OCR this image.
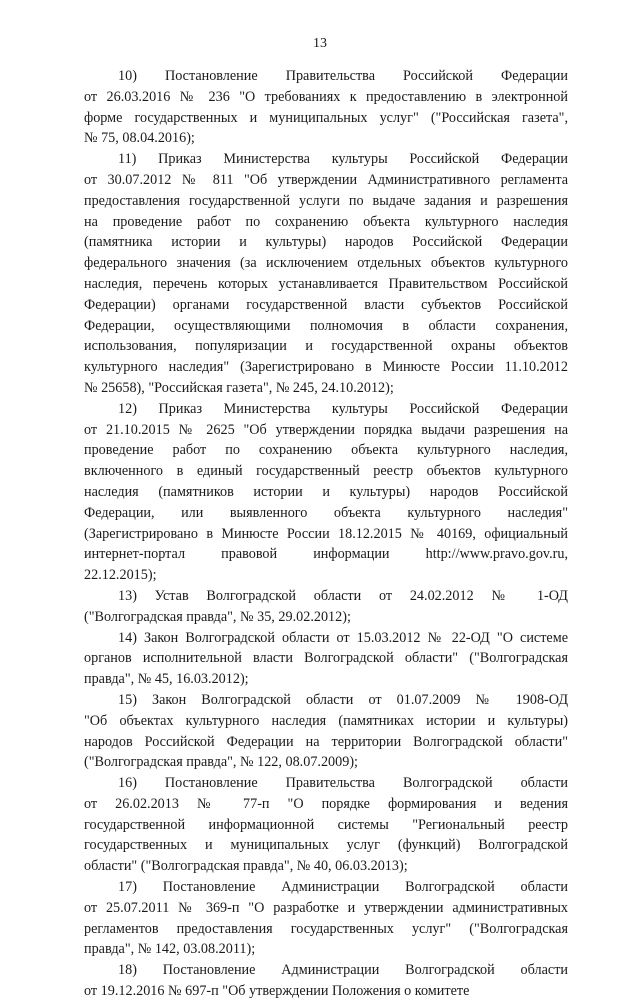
13

10) Постановление Правительства Российской Федерации
от 26.03.2016 № 236 "О требованиях к предоставлению в электронной
форме государственных и муниципальных услуг" ("Российская газета",
№ 75, 08.04.2016);

11) Приказ Министерства культуры Российской Федерации
от 30.07.2012 № 811 "Об утверждении Административного регламента
предоставления государственной услуги по выдаче задания и разрешения
на проведение работ по сохранению объекта культурного наследия
(памятника истории и культуры) народов Российской Федерации
федерального значения (за исключением отдельных объектов культурного
наследия, перечень которых устанавливается Правительством Российской
Федерации) органами государственной власти субъектов Российской
Федерации, осуществляющими полномочия в области сохранения,
использования, популяризации и государственной охраны объектов
культурного наследия" (Зарегистрировано в Минюсте России 11.10.2012
№ 25658), "Российская газета", № 245, 24.10.2012);

12) Приказ Министерства культуры Российской Федерации
от 21.10.2015 № 2625 "Об утверждении порядка выдачи разрешения на
проведение работ по сохранению объекта культурного наследия,
включенного в единый государственный реестр объектов культурного
наследия (памятников истории и культуры) народов Российской
Федерации, или выявленного объекта культурного наследия"
(Зарегистрировано в Минюсте России 18.12.2015 № 40169, официальный
интернет-портал правовой информации http://www.pravo.gov.ru,
22.12.2015);

13) Устав Волгоградской области от 24.02.2012 № 1-ОД
("Волгоградская правда", № 35, 29.02.2012);

14) Закон Волгоградской области от 15.03.2012 № 22-ОД "О системе
органов исполнительной власти Волгоградской области" ("Волгоградская
правда", № 45, 16.03.2012);

15) Закон Волгоградской области от 01.07.2009 № 1908-ОД
"Об объектах культурного наследия (памятниках истории и культуры)
народов Российской Федерации на территории Волгоградской области"
("Волгоградская правда", № 122, 08.07.2009);

16) Постановление Правительства Волгоградской области
от 26.02.2013 № 77-п "О порядке формирования и ведения
государственной информационной системы "Региональный реестр
государственных и муниципальных услуг (функций) Волгоградской
области" ("Волгоградская правда", № 40, 06.03.2013);

17) Постановление Администрации Волгоградской области
от 25.07.2011 № 369-п "О разработке и утверждении административных
регламентов предоставления государственных услуг" ("Волгоградская
правда", № 142, 03.08.2011);

18) Постановление Администрации Волгоградской области
от 19.12.2016 № 697-п "Об утверждении Положения о комитете
